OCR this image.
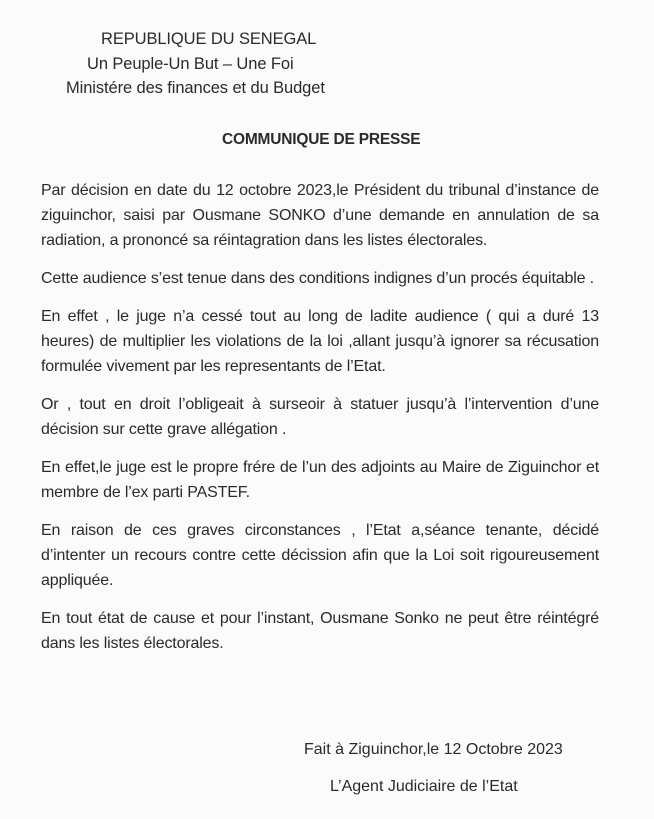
REPUBLIQUE DU SENEGAL
Un Peuple-Un But – Une Foi
Ministére des finances et du Budget
COMMUNIQUE DE PRESSE

Par décision en date du 12 octobre 2023,le Président du tribunal d’instance de ziguinchor, saisi par Ousmane SONKO d’une demande en annulation de sa radiation, a prononcé sa réintagration dans les listes électorales.

Cette audience s’est tenue dans des conditions indignes d’un procés équitable .

En effet , le juge n’a cessé tout au long de ladite audience ( qui a duré 13 heures) de multiplier les violations de la loi ,allant jusqu’à ignorer sa récusation formulée vivement par les representants de l’Etat.

Or , tout en droit l’obligeait à surseoir à statuer jusqu’à l’intervention d’une décision sur cette grave allégation .

En effet,le juge est le propre frére de l’un des adjoints au Maire de Ziguinchor et membre de l’ex parti PASTEF.

En raison de ces graves circonstances , l’Etat a,séance tenante, décidé d’intenter un recours contre cette décission afin que la Loi soit rigoureusement appliquée.

En tout état de cause et pour l’instant, Ousmane Sonko ne peut être réintégré dans les listes électorales.

Fait à Ziguinchor,le 12 Octobre 2023
L’Agent Judiciaire de l’Etat
